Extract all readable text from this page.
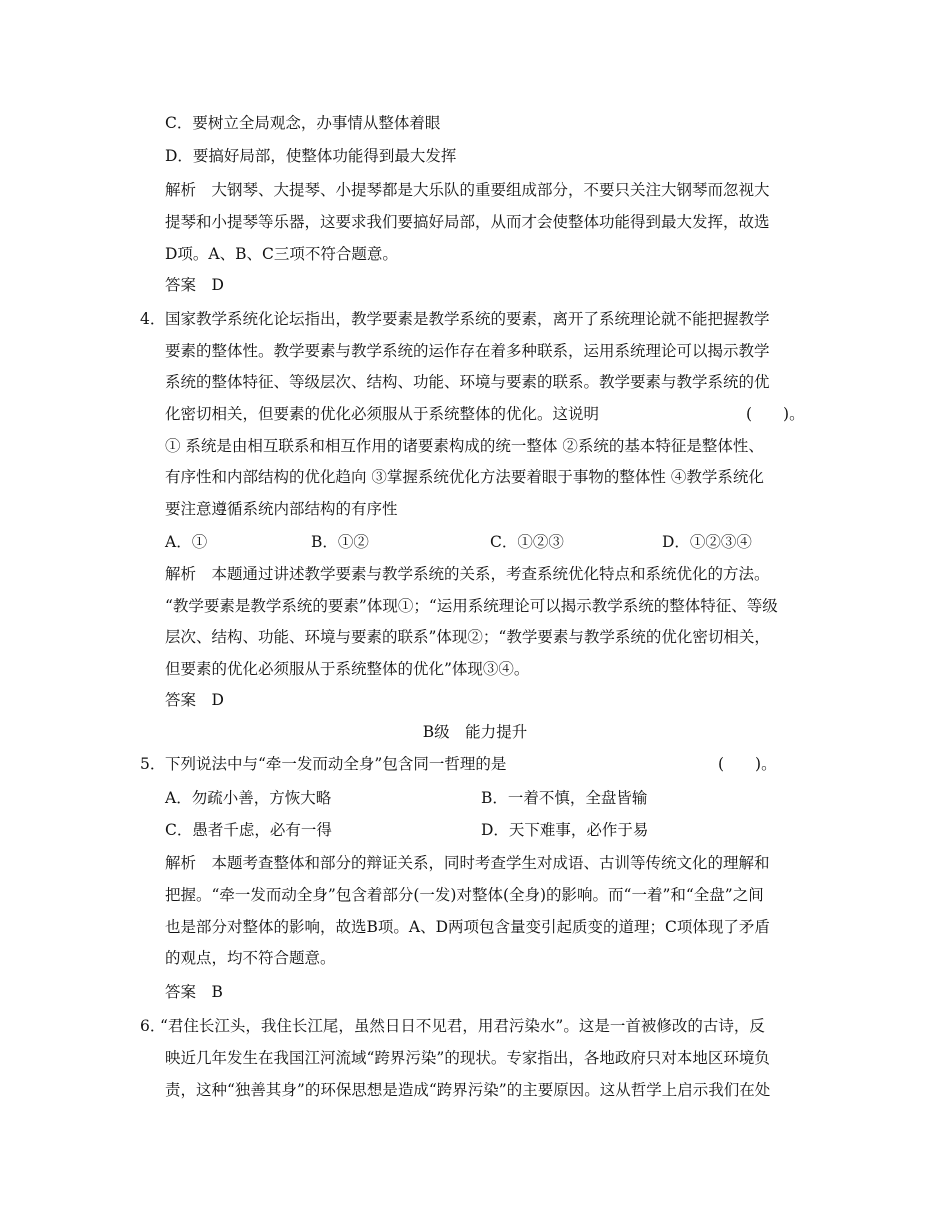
C．要树立全局观念，办事情从整体着眼
D．要搞好局部，使整体功能得到最大发挥
解析　大钢琴、大提琴、小提琴都是大乐队的重要组成部分，不要只关注大钢琴而忽视大
提琴和小提琴等乐器，这要求我们要搞好局部，从而才会使整体功能得到最大发挥，故选
D项。A、B、C三项不符合题意。
答案　D
4． 国家教学系统化论坛指出，教学要素是教学系统的要素，离开了系统理论就不能把握教学
要素的整体性。教学要素与教学系统的运作存在着多种联系，运用系统理论可以揭示教学
系统的整体特征、等级层次、结构、功能、环境与要素的联系。教学要素与教学系统的优
化密切相关，但要素的优化必须服从于系统整体的优化。这说明	(　　)。
① 系统是由相互联系和相互作用的诸要素构成的统一整体 ②系统的基本特征是整体性、
有序性和内部结构的优化趋向 ③掌握系统优化方法要着眼于事物的整体性 ④教学系统化
要注意遵循系统内部结构的有序性
A．①	B．①②	C．①②③	D．①②③④
解析　本题通过讲述教学要素与教学系统的关系，考查系统优化特点和系统优化的方法。
“教学要素是教学系统的要素”体现①；“运用系统理论可以揭示教学系统的整体特征、等级
层次、结构、功能、环境与要素的联系”体现②；“教学要素与教学系统的优化密切相关，
但要素的优化必须服从于系统整体的优化”体现③④。
答案　D
B级　能力提升
5． 下列说法中与“牵一发而动全身”包含同一哲理的是	(　　)。
A．勿疏小善，方恢大略	B．一着不慎，全盘皆输
C．愚者千虑，必有一得	D．天下难事，必作于易
解析　本题考查整体和部分的辩证关系，同时考查学生对成语、古训等传统文化的理解和
把握。“牵一发而动全身”包含着部分(一发)对整体(全身)的影响。而“一着”和“全盘”之间
也是部分对整体的影响，故选B项。A、D两项包含量变引起质变的道理；C项体现了矛盾
的观点，均不符合题意。
答案　B
6．
“君住长江头，我住长江尾，虽然日日不见君，用君污染水”。这是一首被修改的古诗，反
映近几年发生在我国江河流域“跨界污染”的现状。专家指出，各地政府只对本地区环境负
责，这种“独善其身”的环保思想是造成“跨界污染”的主要原因。这从哲学上启示我们在处
